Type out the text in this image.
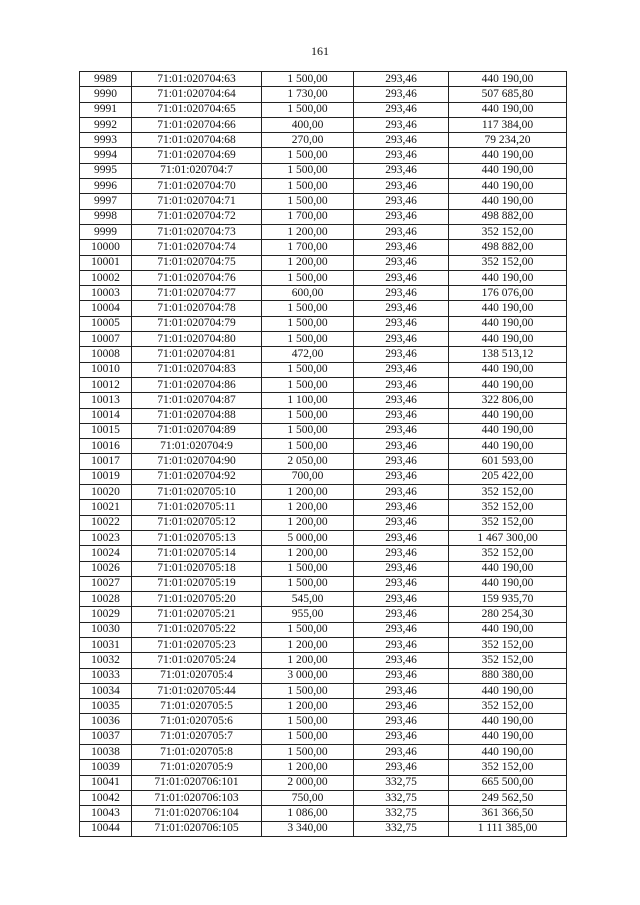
161
9989	71:01:020704:63	1 500,00	293,46	440 190,00
9990	71:01:020704:64	1 730,00	293,46	507 685,80
9991	71:01:020704:65	1 500,00	293,46	440 190,00
9992	71:01:020704:66	400,00	293,46	117 384,00
9993	71:01:020704:68	270,00	293,46	79 234,20
9994	71:01:020704:69	1 500,00	293,46	440 190,00
9995	71:01:020704:7	1 500,00	293,46	440 190,00
9996	71:01:020704:70	1 500,00	293,46	440 190,00
9997	71:01:020704:71	1 500,00	293,46	440 190,00
9998	71:01:020704:72	1 700,00	293,46	498 882,00
9999	71:01:020704:73	1 200,00	293,46	352 152,00
10000	71:01:020704:74	1 700,00	293,46	498 882,00
10001	71:01:020704:75	1 200,00	293,46	352 152,00
10002	71:01:020704:76	1 500,00	293,46	440 190,00
10003	71:01:020704:77	600,00	293,46	176 076,00
10004	71:01:020704:78	1 500,00	293,46	440 190,00
10005	71:01:020704:79	1 500,00	293,46	440 190,00
10007	71:01:020704:80	1 500,00	293,46	440 190,00
10008	71:01:020704:81	472,00	293,46	138 513,12
10010	71:01:020704:83	1 500,00	293,46	440 190,00
10012	71:01:020704:86	1 500,00	293,46	440 190,00
10013	71:01:020704:87	1 100,00	293,46	322 806,00
10014	71:01:020704:88	1 500,00	293,46	440 190,00
10015	71:01:020704:89	1 500,00	293,46	440 190,00
10016	71:01:020704:9	1 500,00	293,46	440 190,00
10017	71:01:020704:90	2 050,00	293,46	601 593,00
10019	71:01:020704:92	700,00	293,46	205 422,00
10020	71:01:020705:10	1 200,00	293,46	352 152,00
10021	71:01:020705:11	1 200,00	293,46	352 152,00
10022	71:01:020705:12	1 200,00	293,46	352 152,00
10023	71:01:020705:13	5 000,00	293,46	1 467 300,00
10024	71:01:020705:14	1 200,00	293,46	352 152,00
10026	71:01:020705:18	1 500,00	293,46	440 190,00
10027	71:01:020705:19	1 500,00	293,46	440 190,00
10028	71:01:020705:20	545,00	293,46	159 935,70
10029	71:01:020705:21	955,00	293,46	280 254,30
10030	71:01:020705:22	1 500,00	293,46	440 190,00
10031	71:01:020705:23	1 200,00	293,46	352 152,00
10032	71:01:020705:24	1 200,00	293,46	352 152,00
10033	71:01:020705:4	3 000,00	293,46	880 380,00
10034	71:01:020705:44	1 500,00	293,46	440 190,00
10035	71:01:020705:5	1 200,00	293,46	352 152,00
10036	71:01:020705:6	1 500,00	293,46	440 190,00
10037	71:01:020705:7	1 500,00	293,46	440 190,00
10038	71:01:020705:8	1 500,00	293,46	440 190,00
10039	71:01:020705:9	1 200,00	293,46	352 152,00
10041	71:01:020706:101	2 000,00	332,75	665 500,00
10042	71:01:020706:103	750,00	332,75	249 562,50
10043	71:01:020706:104	1 086,00	332,75	361 366,50
10044	71:01:020706:105	3 340,00	332,75	1 111 385,00
